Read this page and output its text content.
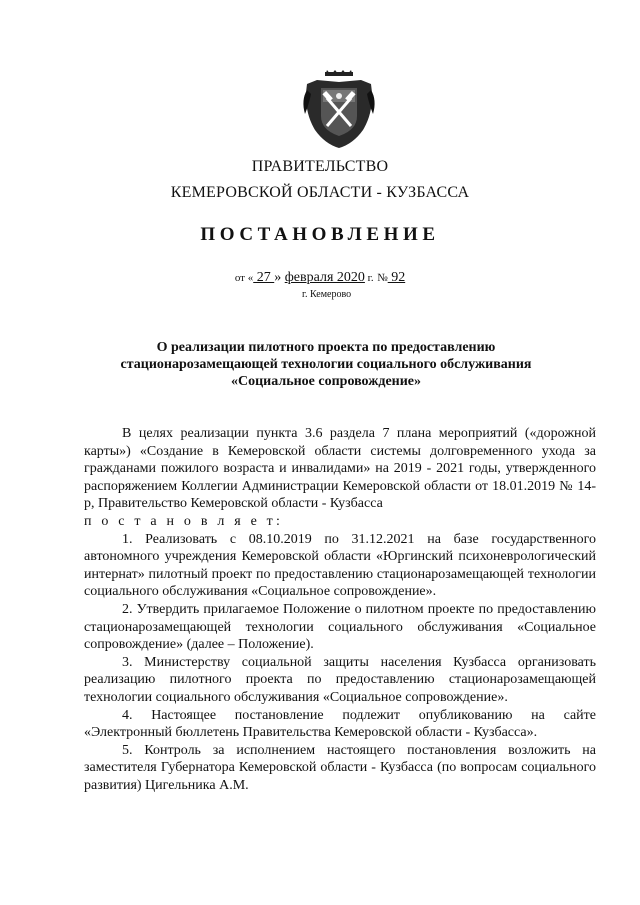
ПРАВИТЕЛЬСТВО
КЕМЕРОВСКОЙ ОБЛАСТИ - КУЗБАССА
ПОСТАНОВЛЕНИЕ
от « 27 » февраля 2020 г. № 92
г. Кемерово
О реализации пилотного проекта по предоставлению
стационарозамещающей технологии социального обслуживания
«Социальное сопровождение»

В целях реализации пункта 3.6 раздела 7 плана мероприятий («дорожной карты») «Создание в Кемеровской области системы долговременного ухода за гражданами пожилого возраста и инвалидами» на 2019 - 2021 годы, утвержденного распоряжением Коллегии Администрации Кемеровской области от 18.01.2019 № 14-р, Правительство Кемеровской области - Кузбасса

п о с т а н о в л я е т:

1. Реализовать с 08.10.2019 по 31.12.2021 на базе государственного автономного учреждения Кемеровской области «Юргинский психоневрологический интернат» пилотный проект по предоставлению стационарозамещающей технологии социального обслуживания «Социальное сопровождение».

2. Утвердить прилагаемое Положение о пилотном проекте по предоставлению стационарозамещающей технологии социального обслуживания «Социальное сопровождение» (далее – Положение).

3. Министерству социальной защиты населения Кузбасса организовать реализацию пилотного проекта по предоставлению стационарозамещающей технологии социального обслуживания «Социальное сопровождение».

4. Настоящее постановление подлежит опубликованию на сайте «Электронный бюллетень Правительства Кемеровской области - Кузбасса».

5. Контроль за исполнением настоящего постановления возложить на заместителя Губернатора Кемеровской области - Кузбасса (по вопросам социального развития) Цигельника А.М.
